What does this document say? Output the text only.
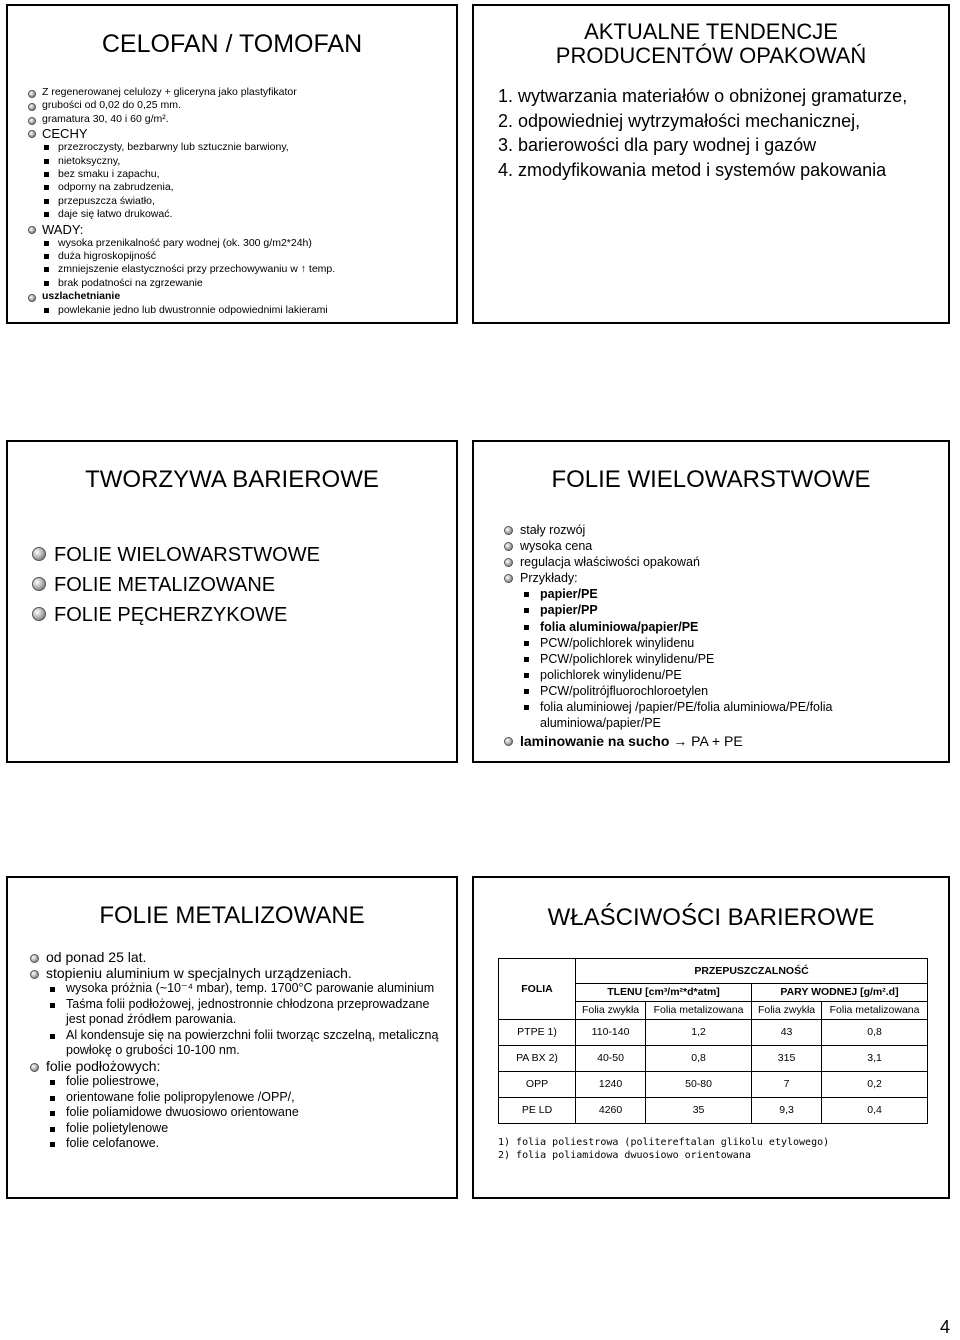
CELOFAN / TOMOFAN
Z regenerowanej celulozy + gliceryna jako plastyfikator
grubości od 0,02 do 0,25 mm.
gramatura 30, 40 i 60 g/m².
CECHY
przezroczysty, bezbarwny lub sztucznie barwiony,
nietoksyczny,
bez smaku i zapachu,
odporny na zabrudzenia,
przepuszcza światło,
daje się łatwo drukować.
WADY:
wysoka przenikalność pary wodnej (ok. 300 g/m2*24h)
duża higroskopijność
zmniejszenie elastyczności przy przechowywaniu w ↑ temp.
brak podatności na zgrzewanie
uszlachetnianie
powlekanie jedno lub dwustronnie odpowiednimi lakierami
AKTUALNE TENDENCJE
PRODUCENTÓW OPAKOWAŃ
1. wytwarzania materiałów o obniżonej gramaturze,
2. odpowiedniej wytrzymałości mechanicznej,
3. barierowości dla pary wodnej i gazów
4. zmodyfikowania metod i systemów pakowania
TWORZYWA BARIEROWE
FOLIE WIELOWARSTWOWE
FOLIE METALIZOWANE
FOLIE PĘCHERZYKOWE
FOLIE WIELOWARSTWOWE
stały rozwój
wysoka cena
regulacja właściwości opakowań
Przykłady:
papier/PE
papier/PP
folia aluminiowa/papier/PE
PCW/polichlorek winylidenu
PCW/polichlorek winylidenu/PE
polichlorek winylidenu/PE
PCW/politrójfluorochloroetylen
folia aluminiowej /papier/PE/folia aluminiowa/PE/folia aluminiowa/papier/PE
laminowanie na sucho → PA + PE
FOLIE METALIZOWANE
od ponad 25 lat.
stopieniu aluminium w specjalnych urządzeniach.
wysoka próżnia (~10⁻⁴ mbar), temp. 1700°C parowanie aluminium
Taśma folii podłożowej, jednostronnie chłodzona przeprowadzane jest ponad źródłem parowania.
Al kondensuje się na powierzchni folii tworząc szczelną, metaliczną powłokę o grubości 10-100 nm.
folie podłożowych:
folie poliestrowe,
orientowane folie polipropylenowe /OPP/,
folie poliamidowe dwuosiowo orientowane
folie polietylenowe
folie celofanowe.
WŁAŚCIWOŚCI BARIEROWE
FOLIA	PRZEPUSZCZALNOŚĆ			
	TLENU [cm³/m²*d*atm]		PARY WODNEJ [g/m².d]	
	Folia zwykła	Folia metalizowana	Folia zwykła	Folia metalizowana
PTPE 1)	110-140	1,2	43	0,8
PA BX 2)	40-50	0,8	315	3,1
OPP	1240	50-80	7	0,2
PE LD	4260	35	9,3	0,4
1) folia poliestrowa (politereftalan glikolu etylowego)
2) folia poliamidowa dwuosiowo orientowana
4
